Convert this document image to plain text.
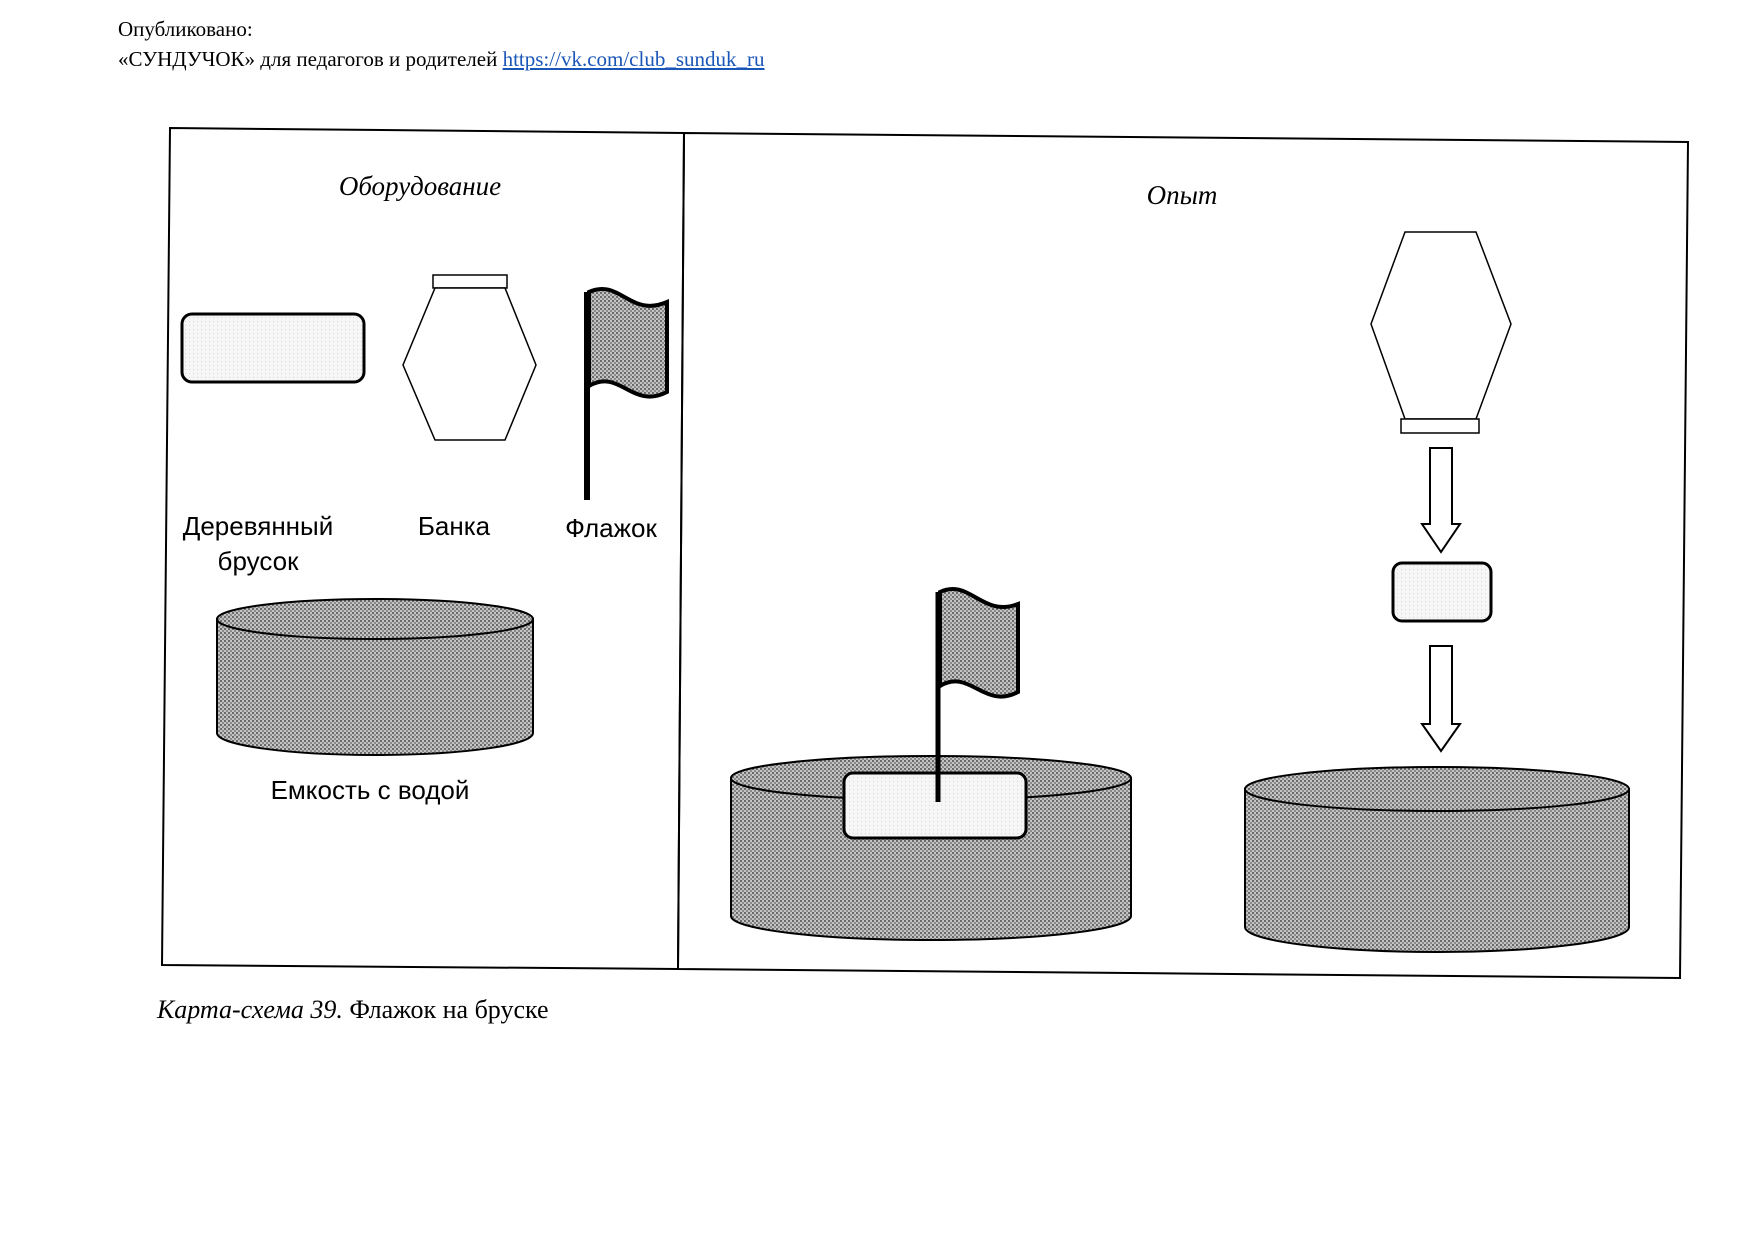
Опубликовано:
«СУНДУЧОК» для педагогов и родителей https://vk.com/club_sunduk_ru
Оборудование	Опыт
Деревянный
брусок
Банка	Флажок
Емкость с водой
Карта-схема 39. Флажок на бруске
